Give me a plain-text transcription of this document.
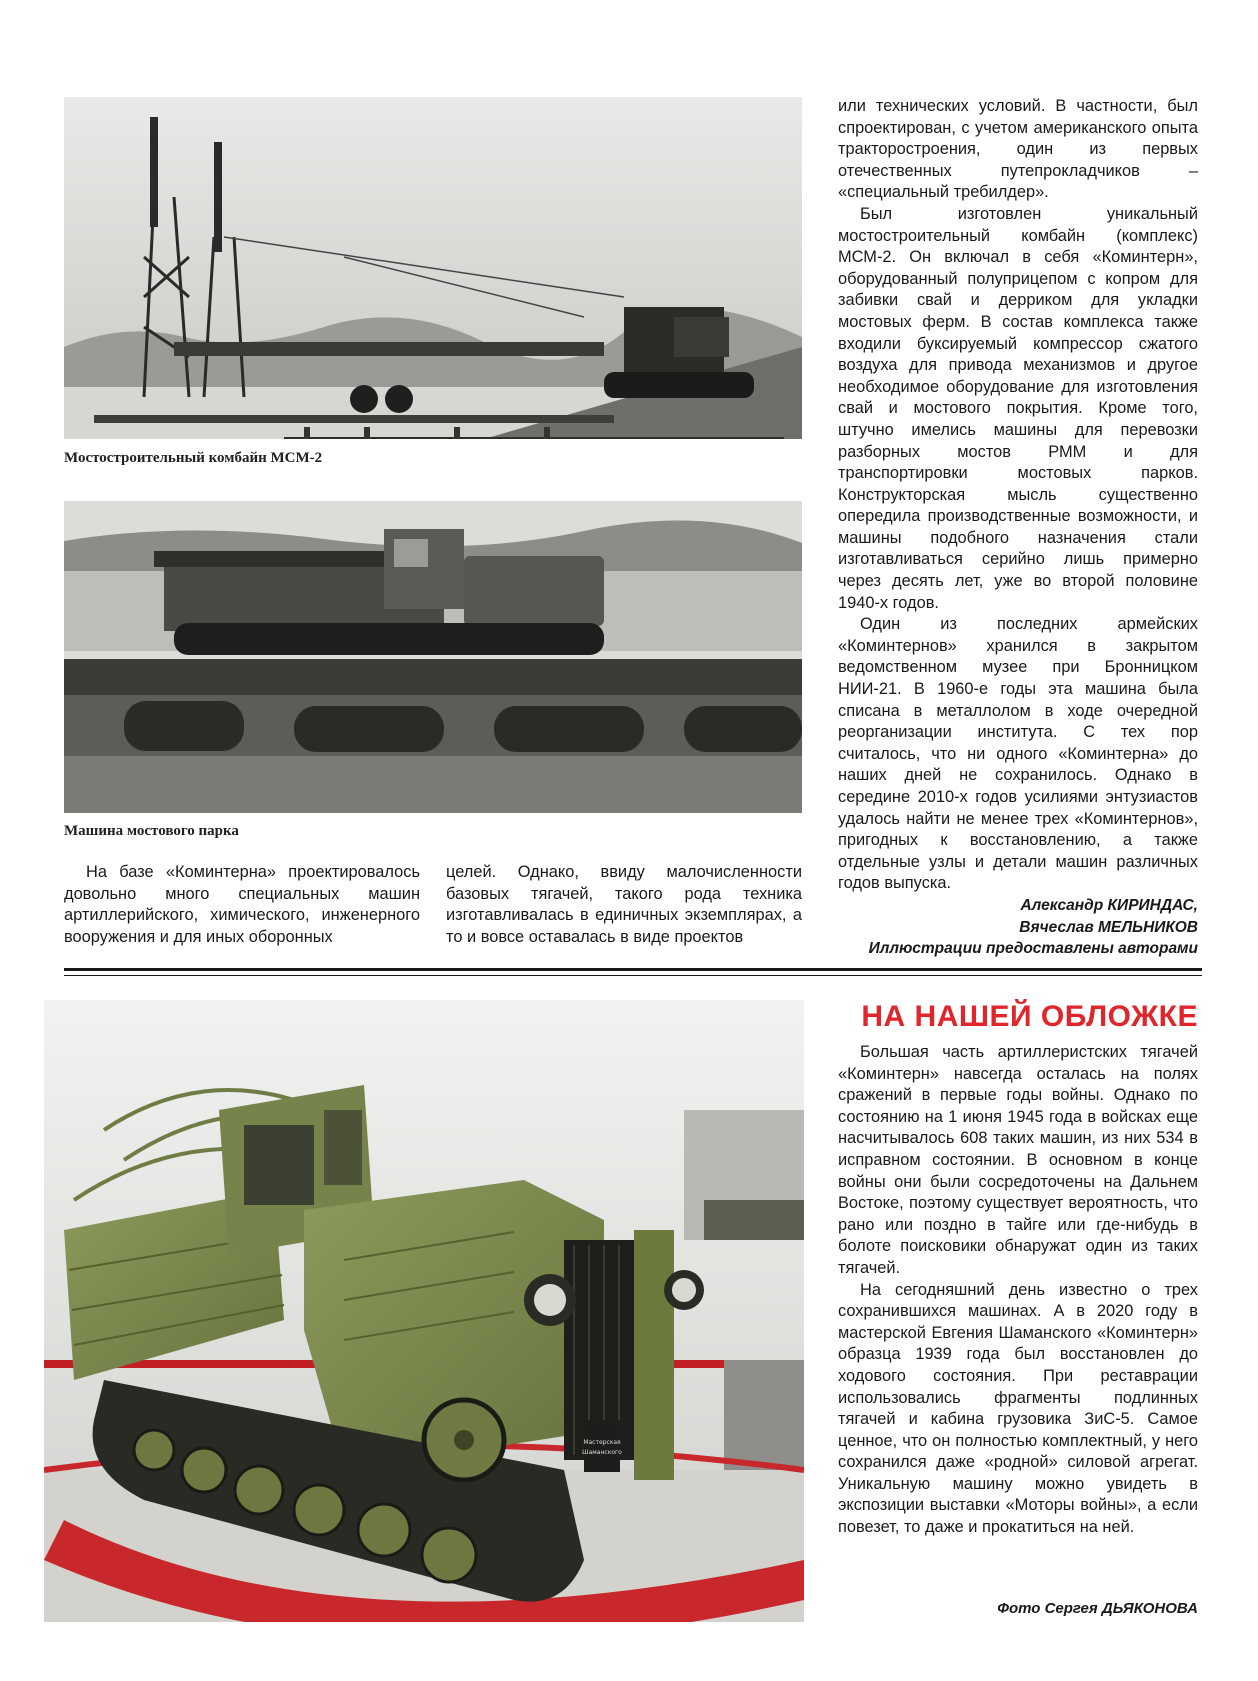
Мостостроительный комбайн МСМ-2
Машина мостового парка

или технических условий. В частности, был спроектирован, с учетом американского опыта тракторостроения, один из первых отечественных путепрокладчиков – «специальный требилдер».

Был изготовлен уникальный мостостроительный комбайн (комплекс) МСМ-2. Он включал в себя «Коминтерн», оборудованный полуприцепом с копром для забивки свай и дерриком для укладки мостовых ферм. В состав комплекса также входили буксируемый компрессор сжатого воздуха для привода механизмов и другое необходимое оборудование для изготовления свай и мостового покрытия. Кроме того, штучно имелись машины для перевозки разборных мостов РММ и для транспортировки мостовых парков. Конструкторская мысль существенно опередила производственные возможности, и машины подобного назначения стали изготавливаться серийно лишь примерно через десять лет, уже во второй половине 1940-х годов.

Один из последних армейских «Коминтернов» хранился в закрытом ведомственном музее при Бронницком НИИ-21. В 1960-е годы эта машина была списана в металлолом в ходе очередной реорганизации института. С тех пор считалось, что ни одного «Коминтерна» до наших дней не сохранилось. Однако в середине 2010-х годов усилиями энтузиастов удалось найти не менее трех «Коминтернов», пригодных к восстановлению, а также отдельные узлы и детали машин различных годов выпуска.

Александр КИРИНДАС,
Вячеслав МЕЛЬНИКОВ
Иллюстрации предоставлены авторами

На базе «Коминтерна» проектировалось довольно много специальных машин артиллерийского, химического, инженерного вооружения и для иных оборонных

целей. Однако, ввиду малочисленности базовых тягачей, такого рода техника изготавливалась в единичных экземплярах, а то и вовсе оставалась в виде проектов

Мастерская
Шаманского
НА НАШЕЙ ОБЛОЖКЕ

Большая часть артиллеристских тягачей «Коминтерн» навсегда осталась на полях сражений в первые годы войны. Однако по состоянию на 1 июня 1945 года в войсках еще насчитывалось 608 таких машин, из них 534 в исправном состоянии. В основном в конце войны они были сосредоточены на Дальнем Востоке, поэтому существует вероятность, что рано или поздно в тайге или где-нибудь в болоте поисковики обнаружат один из таких тягачей.

На сегодняшний день известно о трех сохранившихся машинах. А в 2020 году в мастерской Евгения Шаманского «Коминтерн» образца 1939 года был восстановлен до ходового состояния. При реставрации использовались фрагменты подлинных тягачей и кабина грузовика ЗиС-5. Самое ценное, что он полностью комплектный, у него сохранился даже «родной» силовой агрегат. Уникальную машину можно увидеть в экспозиции выставки «Моторы войны», а если повезет, то даже и прокатиться на ней.

Фото Сергея ДЬЯКОНОВА
